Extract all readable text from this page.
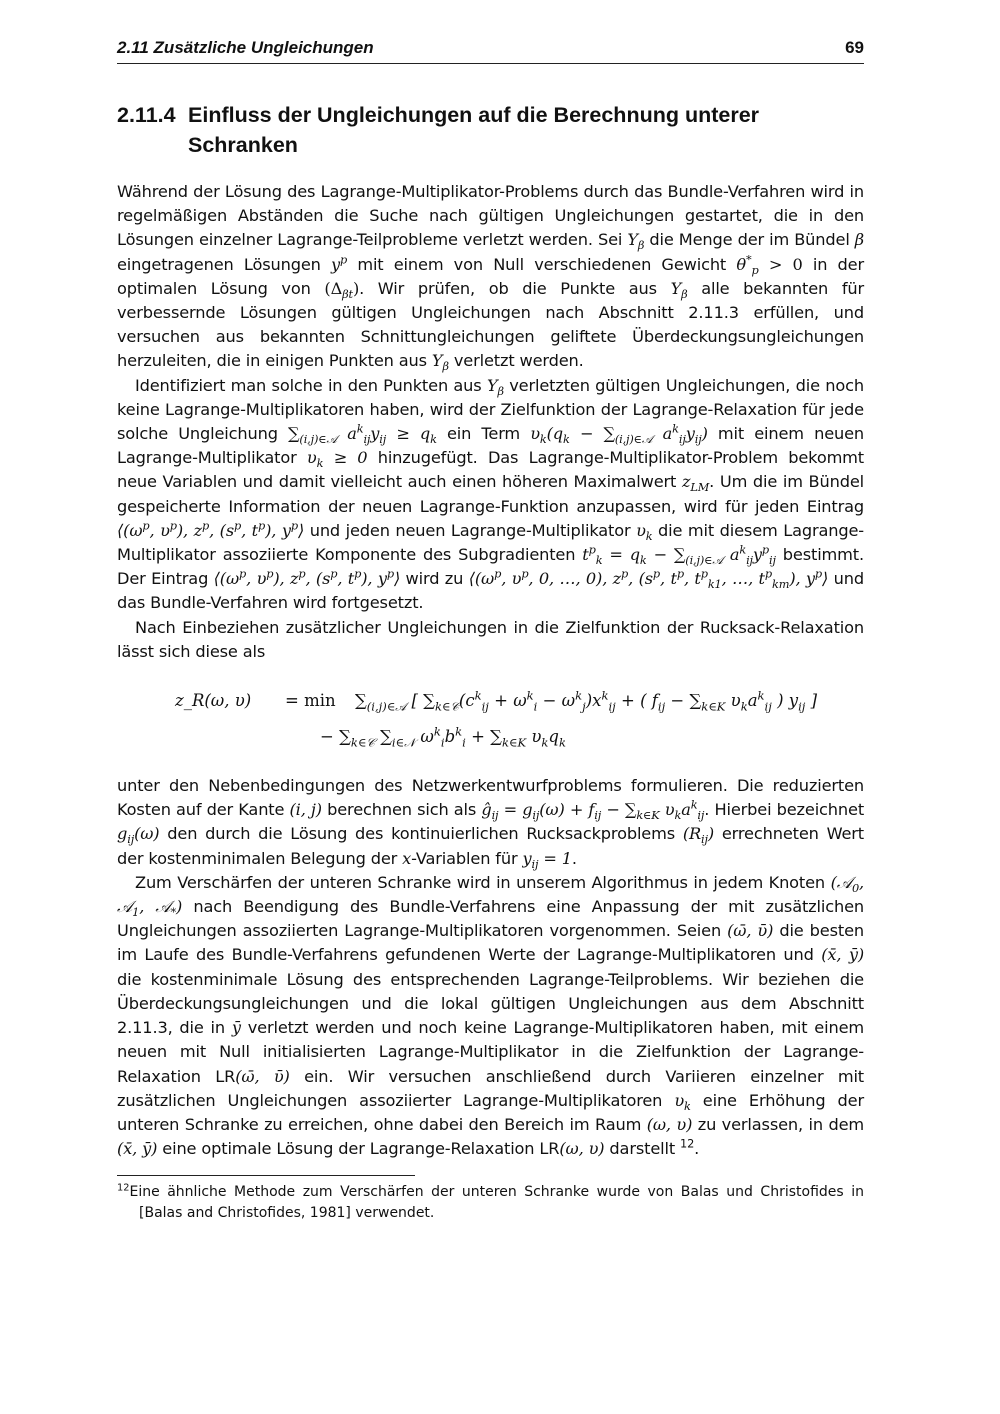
2.11 Zusätzliche Ungleichungen	69
2.11.4 Einfluss der Ungleichungen auf die Berechnung unterer Schranken

Während der Lösung des Lagrange-Multiplikator-Problems durch das Bundle-Verfahren wird in regelmäßigen Abständen die Suche nach gültigen Ungleichungen gestartet, die in den Lösungen einzelner Lagrange-Teilprobleme verletzt werden. Sei $Y_\beta$ die Menge der im Bündel β eingetragenen Lösungen $y^p$ mit einem von Null verschiedenen Gewicht $\theta^*_p > 0$ in der optimalen Lösung von $(\Delta_{\beta t})$. Wir prüfen, ob die Punkte aus $Y_\beta$ alle bekannten für verbessernde Lösungen gültigen Ungleichungen nach Abschnitt 2.11.3 erfüllen, und versuchen aus bekannten Schnittungleichungen geliftete Überdeckungsungleichungen herzuleiten, die in einigen Punkten aus $Y_\beta$ verletzt werden.

Identifiziert man solche in den Punkten aus $Y_\beta$ verletzten gültigen Ungleichungen, die noch keine Lagrange-Multiplikatoren haben, wird der Zielfunktion der Lagrange-Relaxation für jede solche Ungleichung $\sum_{(i,j)\in 𝒜}$ $a^k_{ij}y_{ij} \ge q_k$ ein Term $\upsilon_k(q_k - \sum_{(i,j)\in 𝒜}$ $a^k_{ij}y_{ij}$) mit einem neuen Lagrange-Multiplikator $\upsilon_k \ge 0$ hinzugefügt. Das Lagrange-Multiplikator-Problem bekommt neue Variablen und damit vielleicht auch einen höheren Maximalwert $z_{LM}$. Um die im Bündel gespeicherte Information der neuen Lagrange-Funktion anzupassen, wird für jeden Eintrag $⟨(\omega^p$, $\upsilon^p$), $z^p$, ($s^p$, $t^p$), $y^p⟩$ und jeden neuen Lagrange-Multiplikator $\upsilon_k$ die mit diesem Lagrange-Multiplikator assoziierte Komponente des Subgradienten $t^p_k = q_k - \sum_{(i,j)\in 𝒜}$ $a^k_{ij}y^p_{ij}$ bestimmt. Der Eintrag $⟨(\omega^p$, $\upsilon^p$), $z^p$, ($s^p$, $t^p$), $y^p⟩$ wird zu $⟨(\omega^p$, $\upsilon^p$, 0, …, 0), $z^p$, ($s^p$, $t^p$, $t^p_{k1}$, …, $t^p_{km}$), $y^p⟩$ und das Bundle-Verfahren wird fortgesetzt.

Nach Einbeziehen zusätzlicher Ungleichungen in die Zielfunktion der Rucksack-Relaxation lässt sich diese als

z_R(ω, υ)	= min	$\sum_{(i,j)\in 𝒜}$ [ $\sum_{k\in 𝒞}(c^k_{ij} + \omega^k_i - \omega^k_j)x^k_{ij}$ + ( $f_{ij} - \sum_{k\in K}$ $\upsilon_ka^k_{ij}$ ) $y_{ij}$ ]
− $\sum_{k\in 𝒞}$ $\sum_{i\in 𝒩}$ $\omega^k_ib^k_i + \sum_{k\in K}$ $\upsilon_kq_k$

unter den Nebenbedingungen des Netzwerkentwurfproblems formulieren. Die reduzierten Kosten auf der Kante (i, j) berechnen sich als $ĝ_{ij} = g_{ij}(\omega) + f_{ij} - \sum_{k\in K}$ $\upsilon_ka^k_{ij}$. Hierbei bezeichnet $g_{ij}(\omega)$ den durch die Lösung des kontinuierlichen Rucksackproblems $(R_{ij})$ errechneten Wert der kostenminimalen Belegung der x-Variablen für $y_{ij} = 1$.

Zum Verschärfen der unteren Schranke wird in unserem Algorithmus in jedem Knoten (𝒜$_0$, 𝒜$_1$, 𝒜$_*$) nach Beendigung des Bundle-Verfahrens eine Anpassung der mit zusätzlichen Ungleichungen assoziierten Lagrange-Multiplikatoren vorgenommen. Seien (ω̄, ῡ) die besten im Laufe des Bundle-Verfahrens gefundenen Werte der Lagrange-Multiplikatoren und (x̄, ȳ) die kostenminimale Lösung des entsprechenden Lagrange-Teilproblems. Wir beziehen die Überdeckungsungleichungen und die lokal gültigen Ungleichungen aus dem Abschnitt 2.11.3, die in ȳ verletzt werden und noch keine Lagrange-Multiplikatoren haben, mit einem neuen mit Null initialisierten Lagrange-Multiplikator in die Zielfunktion der Lagrange-Relaxation LR(ω̄, ῡ) ein. Wir versuchen anschließend durch Variieren einzelner mit zusätzlichen Ungleichungen assoziierter Lagrange-Multiplikatoren $\upsilon_k$ eine Erhöhung der unteren Schranke zu erreichen, ohne dabei den Bereich im Raum (ω, υ) zu verlassen, in dem (x̄, ȳ) eine optimale Lösung der Lagrange-Relaxation LR(ω, υ) darstellt $^{12}$.

$^{12}$Eine ähnliche Methode zum Verschärfen der unteren Schranke wurde von Balas und Christofides in [Balas and Christofides, 1981] verwendet.
